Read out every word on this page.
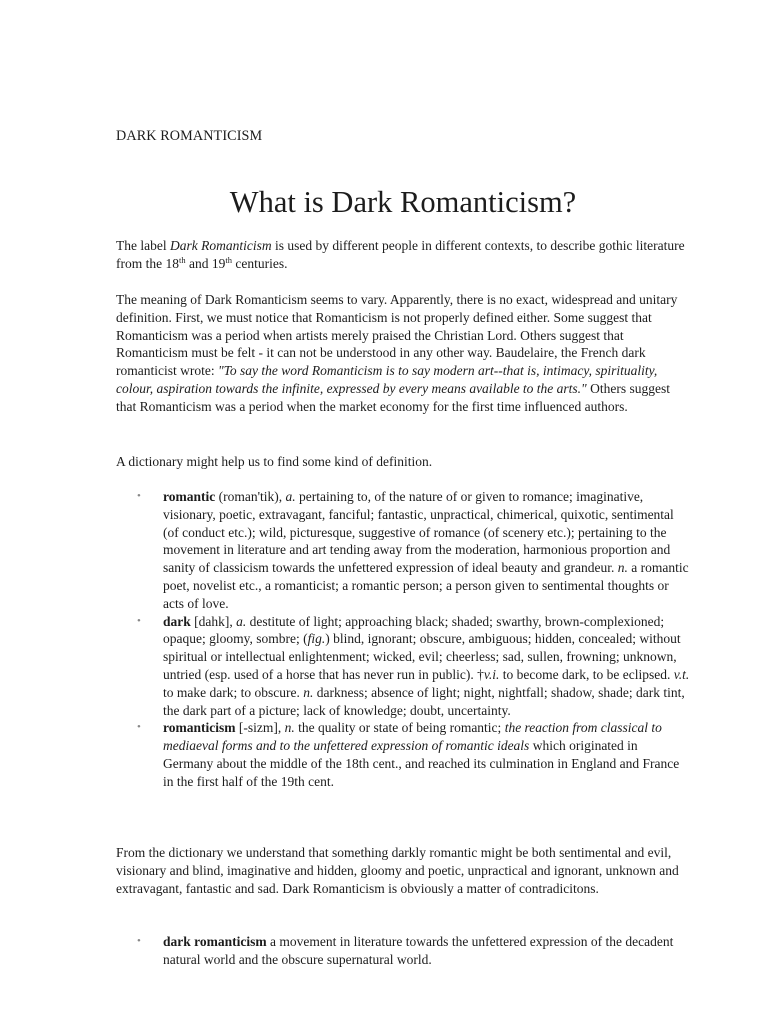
DARK ROMANTICISM
What is Dark Romanticism?

The label Dark Romanticism is used by different people in different contexts, to describe gothic literature from the 18th and 19th centuries.

The meaning of Dark Romanticism seems to vary. Apparently, there is no exact, widespread and unitary definition. First, we must notice that Romanticism is not properly defined either. Some suggest that Romanticism was a period when artists merely praised the Christian Lord. Others suggest that Romanticism must be felt - it can not be understood in any other way. Baudelaire, the French dark romanticist wrote: "To say the word Romanticism is to say modern art--that is, intimacy, spirituality, colour, aspiration towards the infinite, expressed by every means available to the arts." Others suggest that Romanticism was a period when the market economy for the first time influenced authors.

A dictionary might help us to find some kind of definition.

• romantic (roman'tik), a. pertaining to, of the nature of or given to romance; imaginative, visionary, poetic, extravagant, fanciful; fantastic, unpractical, chimerical, quixotic, sentimental (of conduct etc.); wild, picturesque, suggestive of romance (of scenery etc.); pertaining to the movement in literature and art tending away from the moderation, harmonious proportion and sanity of classicism towards the unfettered expression of ideal beauty and grandeur. n. a romantic poet, novelist etc., a romanticist; a romantic person; a person given to sentimental thoughts or acts of love.
• dark [dahk], a. destitute of light; approaching black; shaded; swarthy, brown-complexioned; opaque; gloomy, sombre; (fig.) blind, ignorant; obscure, ambiguous; hidden, concealed; without spiritual or intellectual enlightenment; wicked, evil; cheerless; sad, sullen, frowning; unknown, untried (esp. used of a horse that has never run in public). †v.i. to become dark, to be eclipsed. v.t. to make dark; to obscure. n. darkness; absence of light; night, nightfall; shadow, shade; dark tint, the dark part of a picture; lack of knowledge; doubt, uncertainty.
• romanticism [-sizm], n. the quality or state of being romantic; the reaction from classical to mediaeval forms and to the unfettered expression of romantic ideals which originated in Germany about the middle of the 18th cent., and reached its culmination in England and France in the first half of the 19th cent.

From the dictionary we understand that something darkly romantic might be both sentimental and evil, visionary and blind, imaginative and hidden, gloomy and poetic, unpractical and ignorant, unknown and extravagant, fantastic and sad. Dark Romanticism is obviously a matter of contradicitons.

• dark romanticism a movement in literature towards the unfettered expression of the decadent natural world and the obscure supernatural world.
